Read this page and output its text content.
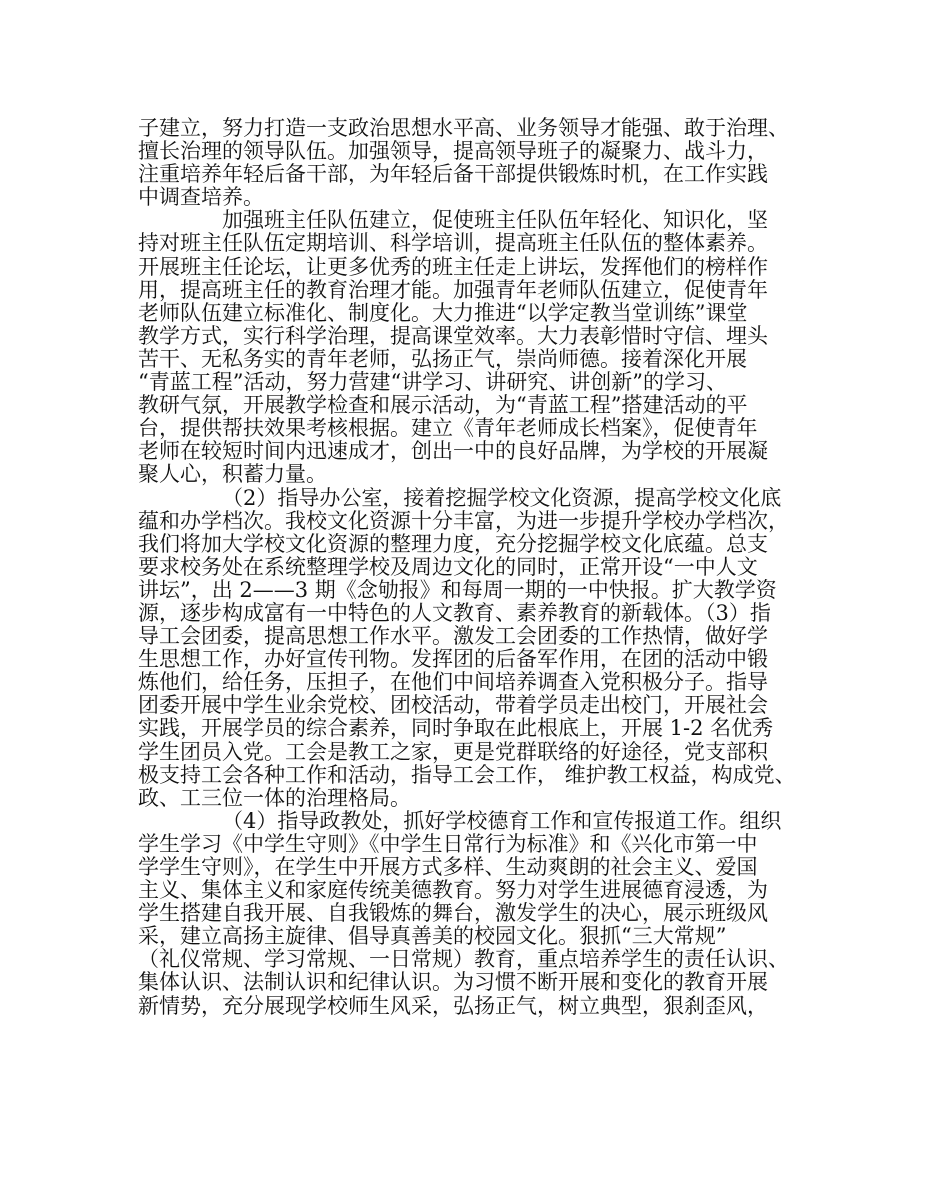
子建立，努力打造一支政治思想水平高、业务领导才能强、敢于治理、
擅长治理的领导队伍。加强领导，提高领导班子的凝聚力、战斗力，
注重培养年轻后备干部，为年轻后备干部提供锻炼时机，在工作实践
中调查培养。
加强班主任队伍建立，促使班主任队伍年轻化、知识化，坚
持对班主任队伍定期培训、科学培训，提高班主任队伍的整体素养。
开展班主任论坛，让更多优秀的班主任走上讲坛，发挥他们的榜样作
用，提高班主任的教育治理才能。加强青年老师队伍建立，促使青年
老师队伍建立标准化、制度化。大力推进“以学定教当堂训练”课堂
教学方式，实行科学治理，提高课堂效率。大力表彰惜时守信、埋头
苦干、无私务实的青年老师，弘扬正气，崇尚师德。接着深化开展
“青蓝工程”活动，努力营建“讲学习、讲研究、讲创新”的学习、
教研气氛，开展教学检查和展示活动，为“青蓝工程”搭建活动的平
台，提供帮扶效果考核根据。建立《青年老师成长档案》，促使青年
老师在较短时间内迅速成才，创出一中的良好品牌，为学校的开展凝
聚人心，积蓄力量。
（2）指导办公室，接着挖掘学校文化资源，提高学校文化底
蕴和办学档次。我校文化资源十分丰富，为进一步提升学校办学档次，
我们将加大学校文化资源的整理力度，充分挖掘学校文化底蕴。总支
要求校务处在系统整理学校及周边文化的同时，正常开设“一中人文
讲坛”，出 2——3 期《念劬报》和每周一期的一中快报。扩大教学资
源，逐步构成富有一中特色的人文教育、素养教育的新载体。（3）指
导工会团委，提高思想工作水平。激发工会团委的工作热情，做好学
生思想工作，办好宣传刊物。发挥团的后备军作用，在团的活动中锻
炼他们，给任务，压担子，在他们中间培养调查入党积极分子。指导
团委开展中学生业余党校、团校活动，带着学员走出校门，开展社会
实践，开展学员的综合素养，同时争取在此根底上，开展 1-2 名优秀
学生团员入党。工会是教工之家，更是党群联络的好途径，党支部积
极支持工会各种工作和活动，指导工会工作， 维护教工权益，构成党、
政、工三位一体的治理格局。
（4）指导政教处，抓好学校德育工作和宣传报道工作。组织
学生学习《中学生守则》《中学生日常行为标准》和《兴化市第一中
学学生守则》，在学生中开展方式多样、生动爽朗的社会主义、爱国
主义、集体主义和家庭传统美德教育。努力对学生进展德育浸透，为
学生搭建自我开展、自我锻炼的舞台，激发学生的决心，展示班级风
采，建立高扬主旋律、倡导真善美的校园文化。狠抓“三大常规”
（礼仪常规、学习常规、一日常规）教育，重点培养学生的责任认识、
集体认识、法制认识和纪律认识。为习惯不断开展和变化的教育开展
新情势，充分展现学校师生风采，弘扬正气，树立典型，狠刹歪风，
